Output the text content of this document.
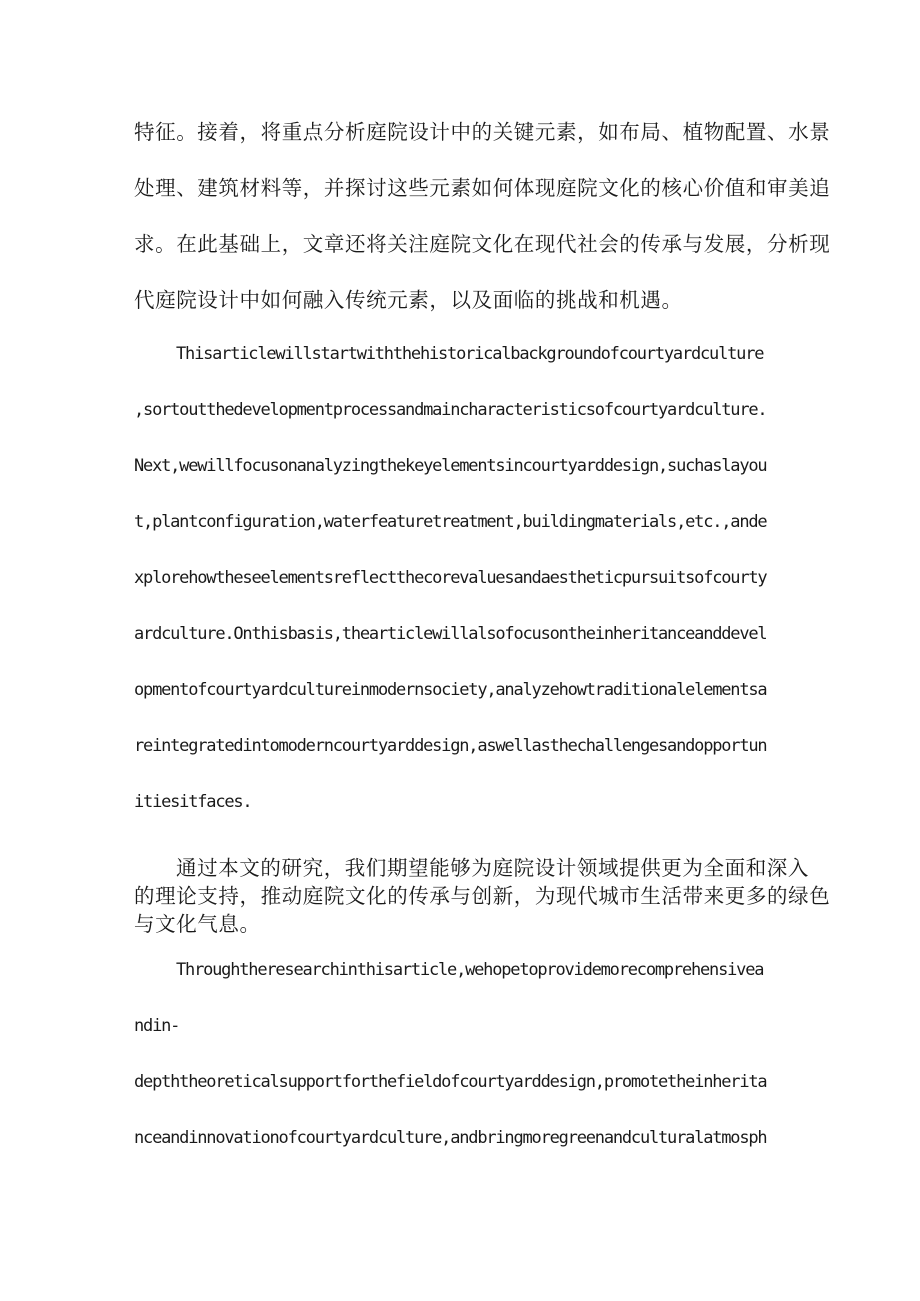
特征。接着，将重点分析庭院设计中的关键元素，如布局、植物配置、水景
处理、建筑材料等，并探讨这些元素如何体现庭院文化的核心价值和审美追
求。在此基础上，文章还将关注庭院文化在现代社会的传承与发展，分析现
代庭院设计中如何融入传统元素，以及面临的挑战和机遇。
Thisarticlewillstartwiththehistoricalbackgroundofcourtyardculture
,sortoutthedevelopmentprocessandmaincharacteristicsofcourtyardculture.
Next,wewillfocusonanalyzingthekeyelementsincourtyarddesign,suchaslayou
t,plantconfiguration,waterfeaturetreatment,buildingmaterials,etc.,ande
xplorehowtheseelementsreflectthecorevaluesandaestheticpursuitsofcourty
ardculture.Onthisbasis,thearticlewillalsofocusontheinheritanceanddevel
opmentofcourtyardcultureinmodernsociety,analyzehowtraditionalelementsa
reintegratedintomoderncourtyarddesign,aswellasthechallengesandopportun
itiesitfaces.
通过本文的研究，我们期望能够为庭院设计领域提供更为全面和深入
的理论支持，推动庭院文化的传承与创新，为现代城市生活带来更多的绿色
与文化气息。
Throughtheresearchinthisarticle,wehopetoprovidemorecomprehensivea
ndin-
depththeoreticalsupportforthefieldofcourtyarddesign,promotetheinherita
nceandinnovationofcourtyardculture,andbringmoregreenandculturalatmosph
